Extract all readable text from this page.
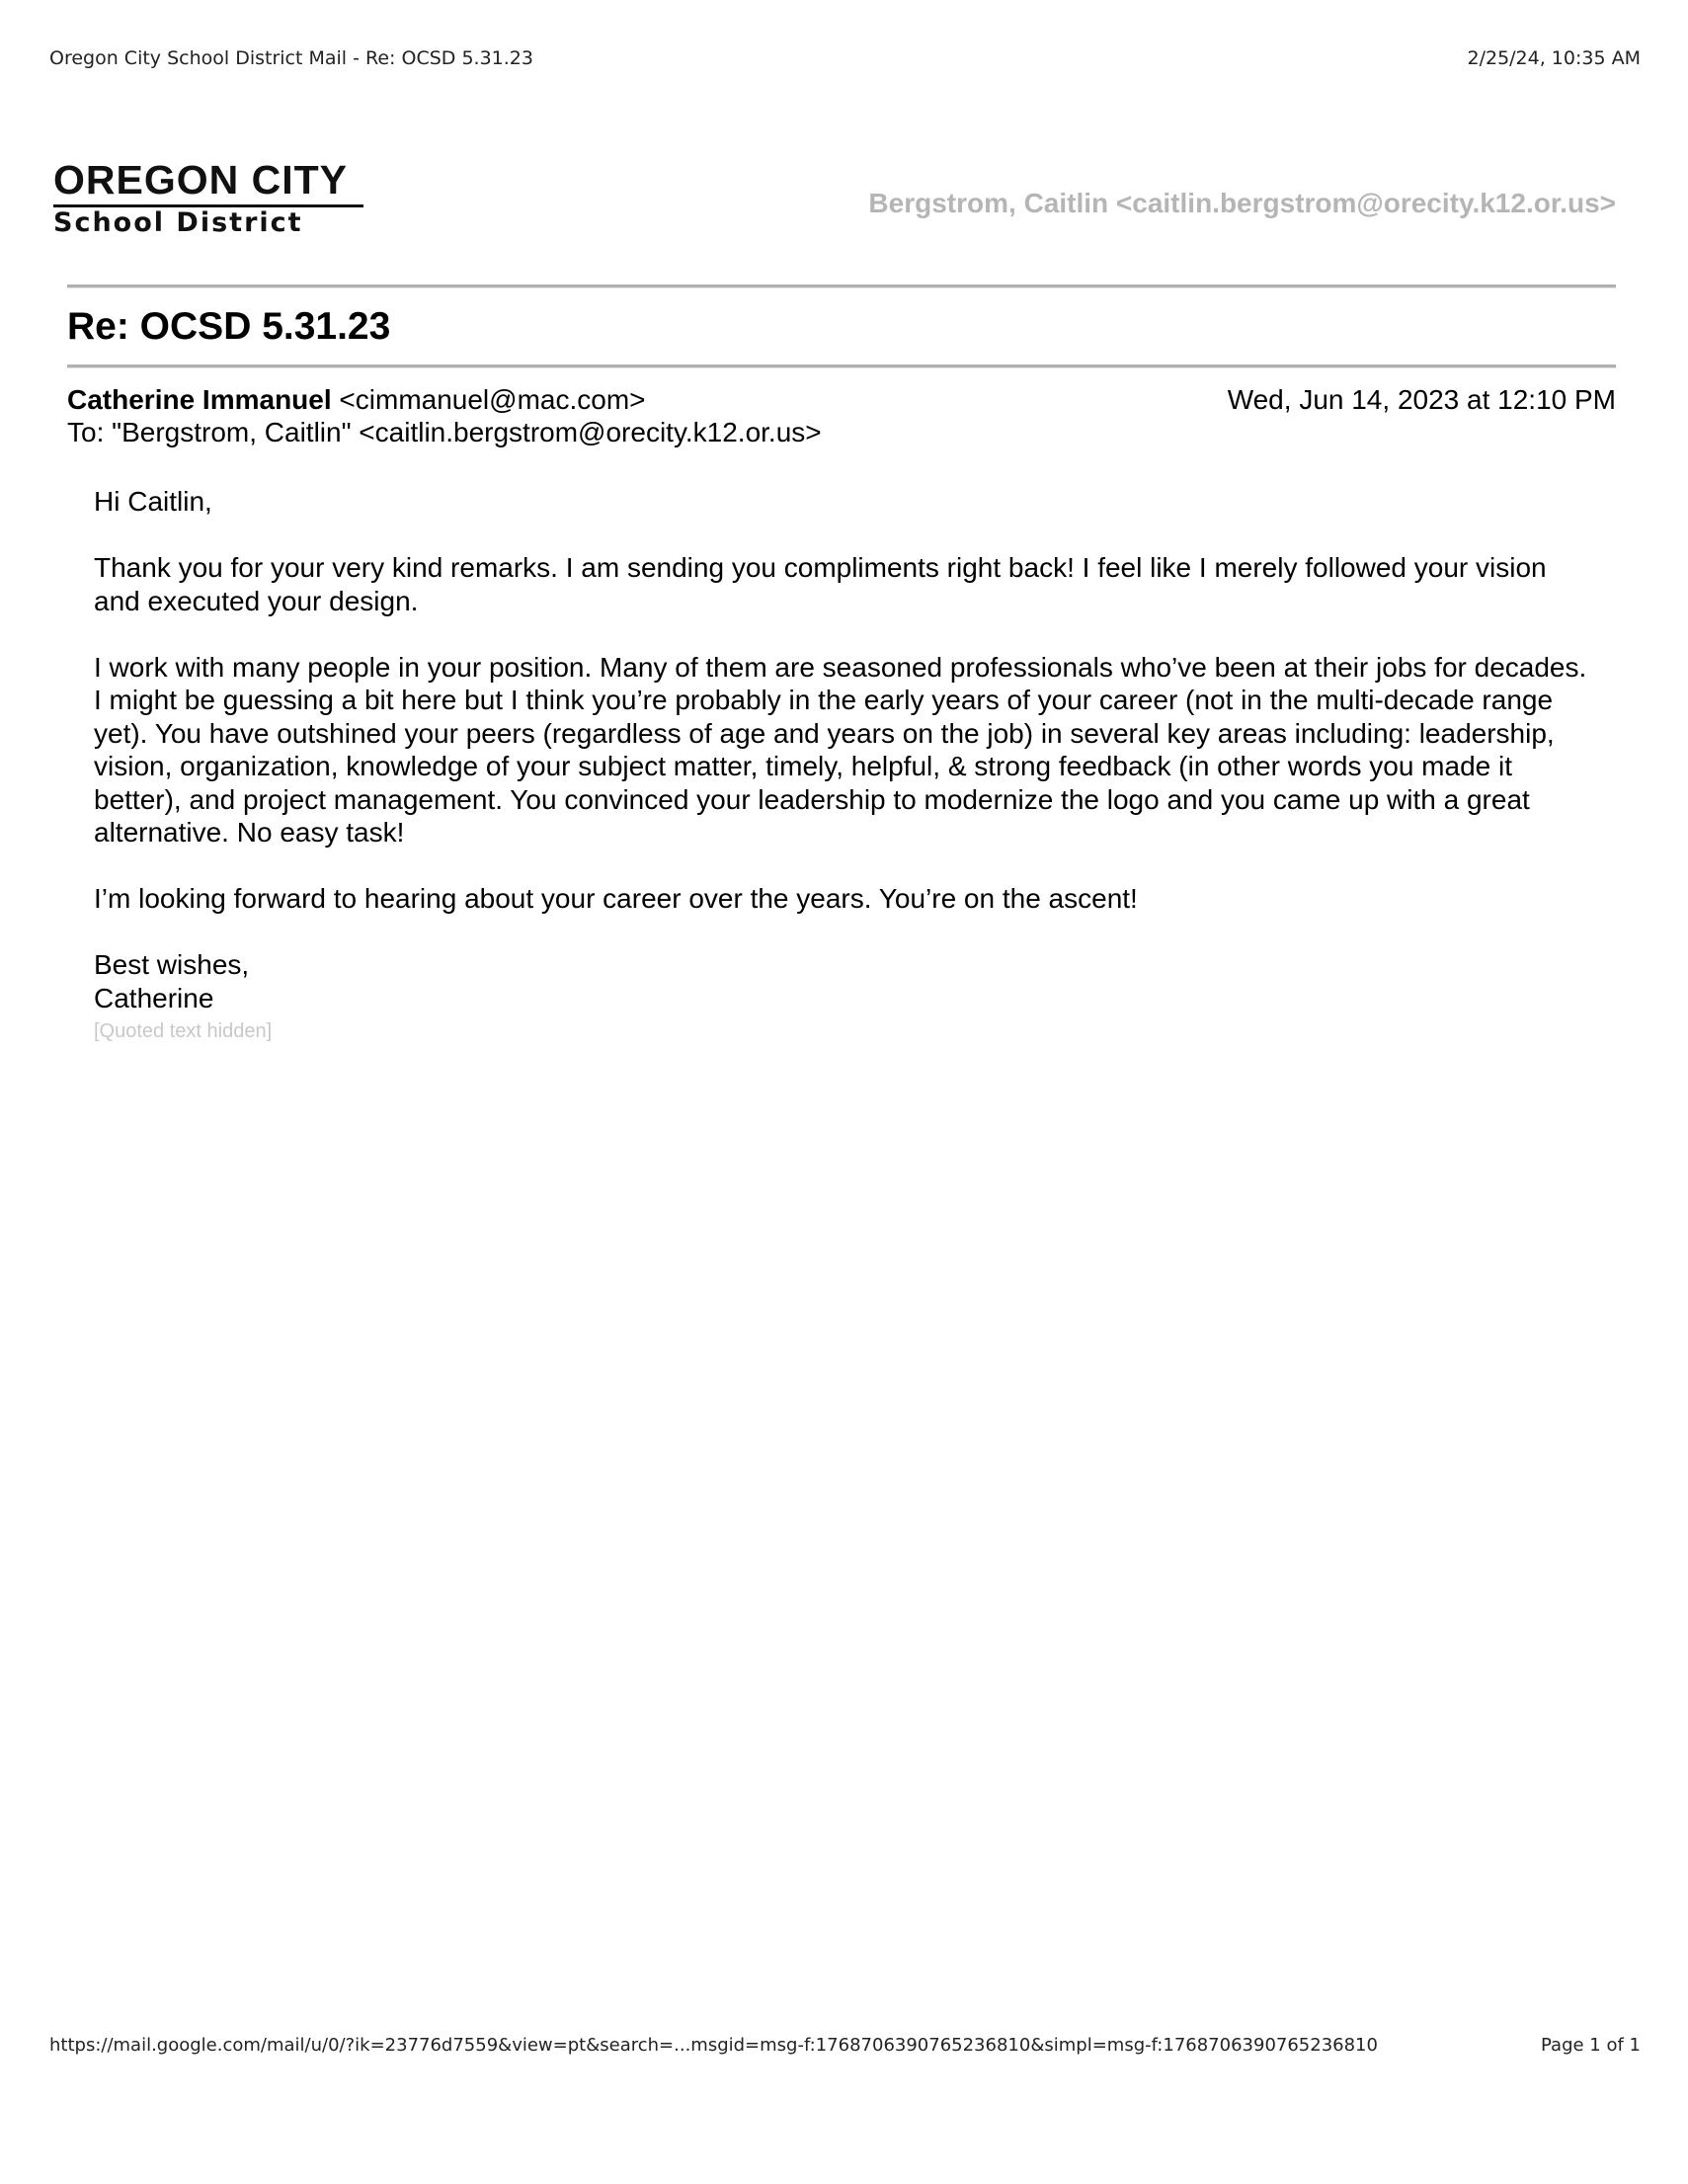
Oregon City School District Mail - Re: OCSD 5.31.23	2/25/24, 10:35 AM
OREGON CITY
School District
Bergstrom, Caitlin <caitlin.bergstrom@orecity.k12.or.us>
Re: OCSD 5.31.23
Catherine Immanuel <cimmanuel@mac.com>	Wed, Jun 14, 2023 at 12:10 PM
To: "Bergstrom, Caitlin" <caitlin.bergstrom@orecity.k12.or.us>

Hi Caitlin,

Thank you for your very kind remarks. I am sending you compliments right back! I feel like I merely followed your vision and executed your design.

I work with many people in your position. Many of them are seasoned professionals who’ve been at their jobs for decades. I might be guessing a bit here but I think you’re probably in the early years of your career (not in the multi-decade range yet). You have outshined your peers (regardless of age and years on the job) in several key areas including: leadership, vision, organization, knowledge of your subject matter, timely, helpful, & strong feedback (in other words you made it better), and project management. You convinced your leadership to modernize the logo and you came up with a great alternative. No easy task!

I’m looking forward to hearing about your career over the years. You’re on the ascent!

Best wishes,
Catherine
[Quoted text hidden]
https://mail.google.com/mail/u/0/?ik=23776d7559&view=pt&search=...msgid=msg-f:1768706390765236810&simpl=msg-f:1768706390765236810	Page 1 of 1
